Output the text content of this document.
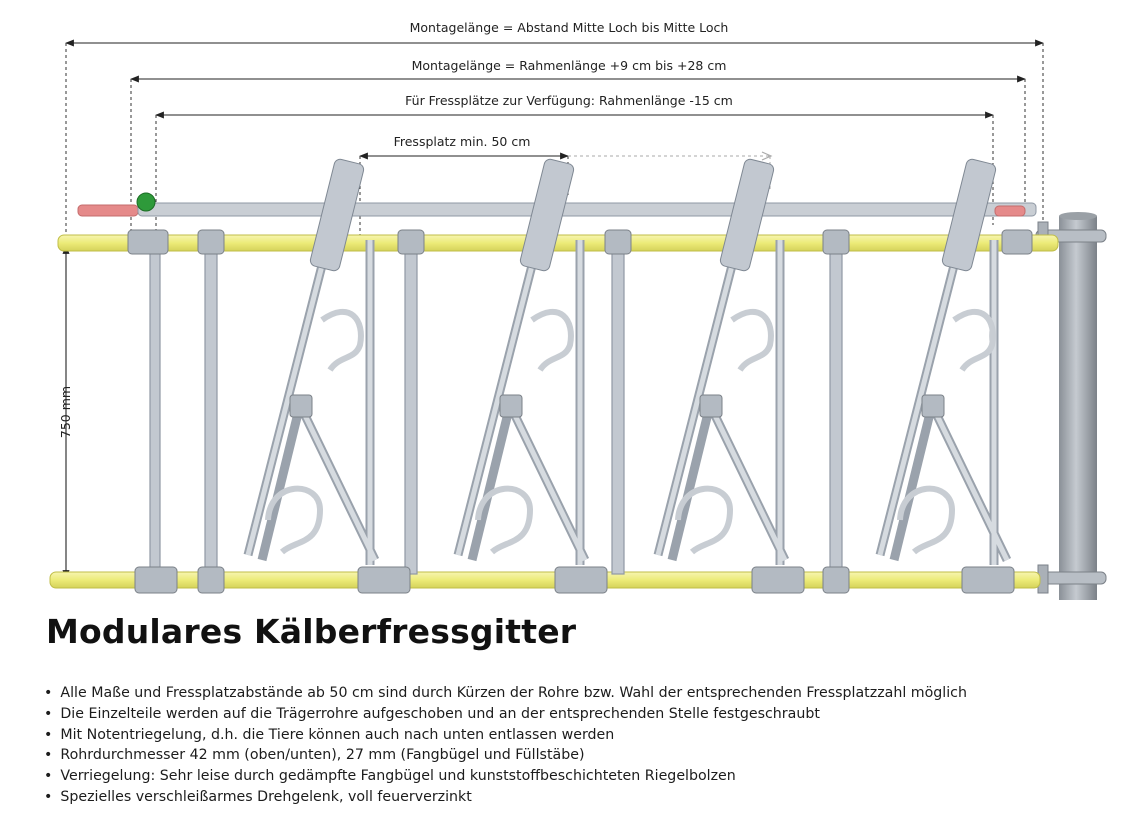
Montagelänge = Abstand Mitte Loch bis Mitte Loch
Montagelänge = Rahmenlänge +9 cm bis +28 cm
Für Fressplätze zur Verfügung: Rahmenlänge -15 cm
Fressplatz min. 50 cm
750 mm
Modulares Kälberfressgitter
• Alle Maße und Fressplatzabstände ab 50 cm sind durch Kürzen der Rohre bzw. Wahl der entsprechenden Fressplatzzahl möglich
• Die Einzelteile werden auf die Trägerrohre aufgeschoben und an der entsprechenden Stelle festgeschraubt
• Mit Notentriegelung, d.h. die Tiere können auch nach unten entlassen werden
• Rohrdurchmesser 42 mm (oben/unten), 27 mm (Fangbügel und Füllstäbe)
• Verriegelung: Sehr leise durch gedämpfte Fangbügel und kunststoffbeschichteten Riegelbolzen
• Spezielles verschleißarmes Drehgelenk, voll feuerverzinkt
